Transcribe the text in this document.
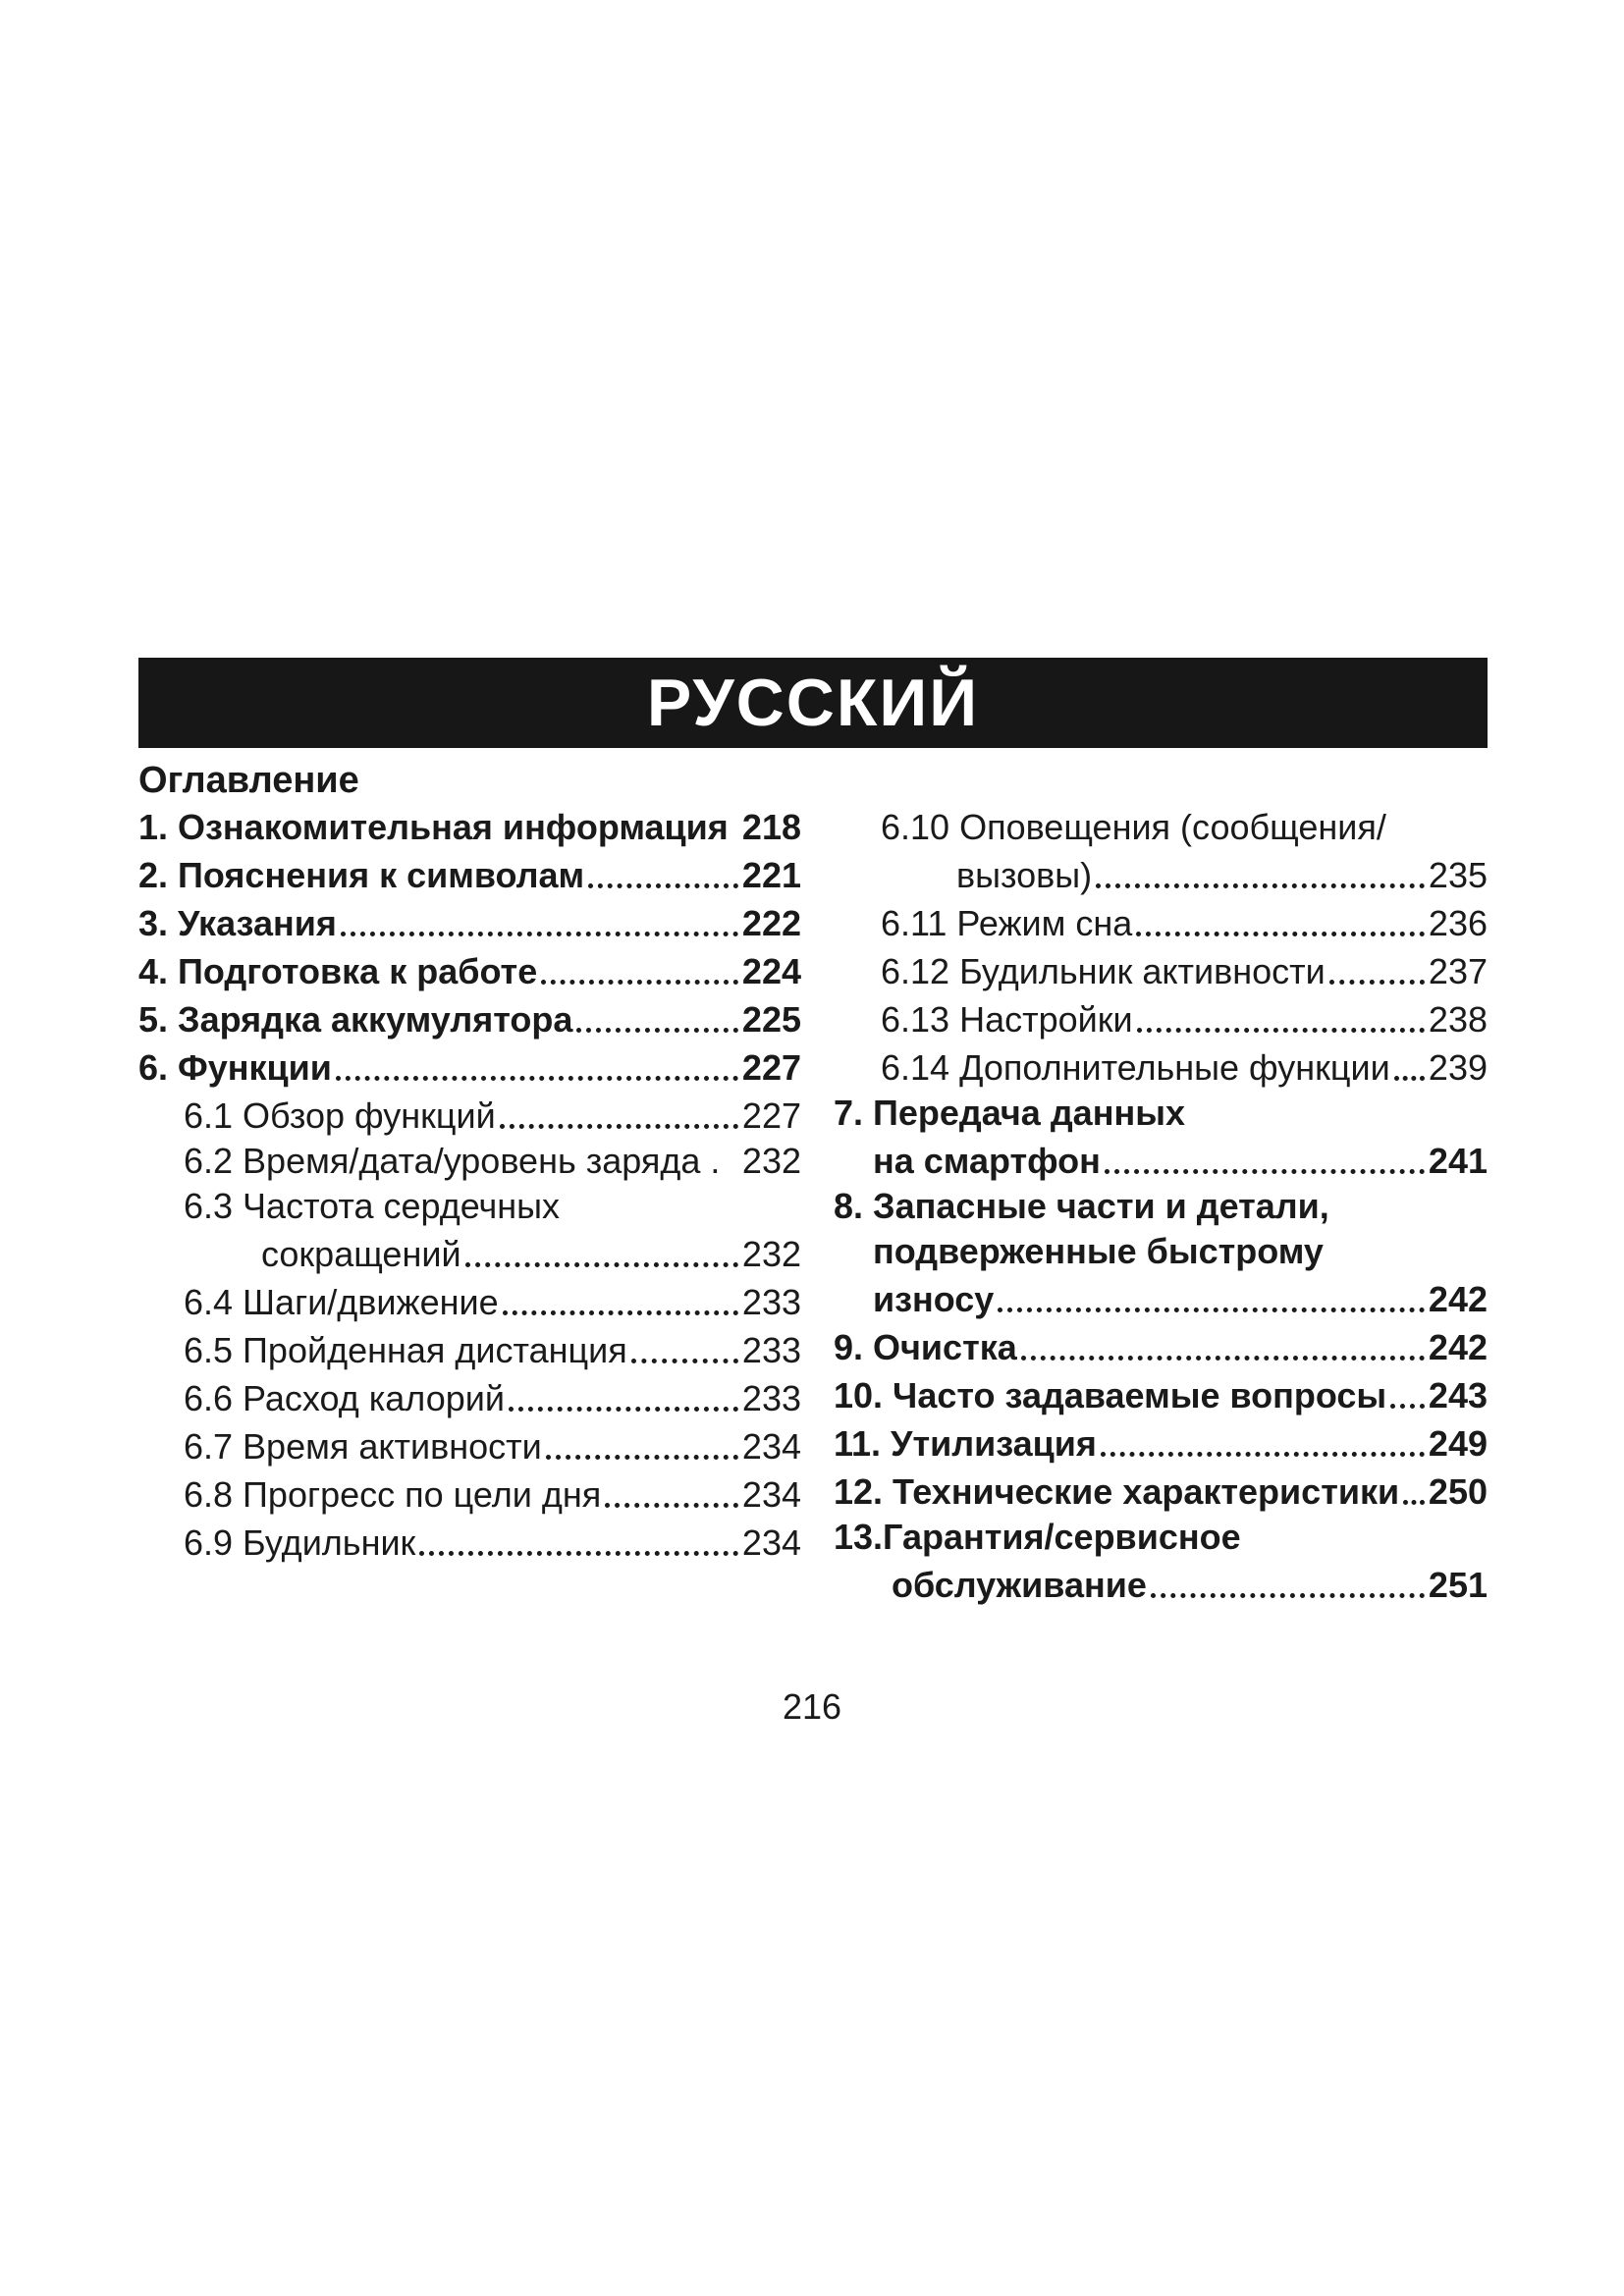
РУССКИЙ
Оглавление
1. Ознакомительная информация 218
2. Пояснения к символам	221
3. Указания	222
4. Подготовка к работе	224
5. Зарядка аккумулятора	225
6. Функции	227
6.1 Обзор функций	227
6.2 Время/дата/уровень заряда . 232
6.3 Частота сердечных
сокращений	232
6.4 Шаги/движение	233
6.5 Пройденная дистанция	233
6.6 Расход калорий	233
6.7 Время активности	234
6.8 Прогресс по цели дня	234
6.9 Будильник	234
6.10 Оповещения (сообщения/
вызовы)	235
6.11 Режим сна	236
6.12 Будильник активности	237
6.13 Настройки	238
6.14 Дополнительные функции 239
7. Передача данных
на смартфон	241
8. Запасные части и детали,
подверженные быстрому
износу	242
9. Очистка	242
10. Часто задаваемые вопросы 243
11. Утилизация	249
12. Технические характеристики 250
13.Гарантия/сервисное
обслуживание	251
216
